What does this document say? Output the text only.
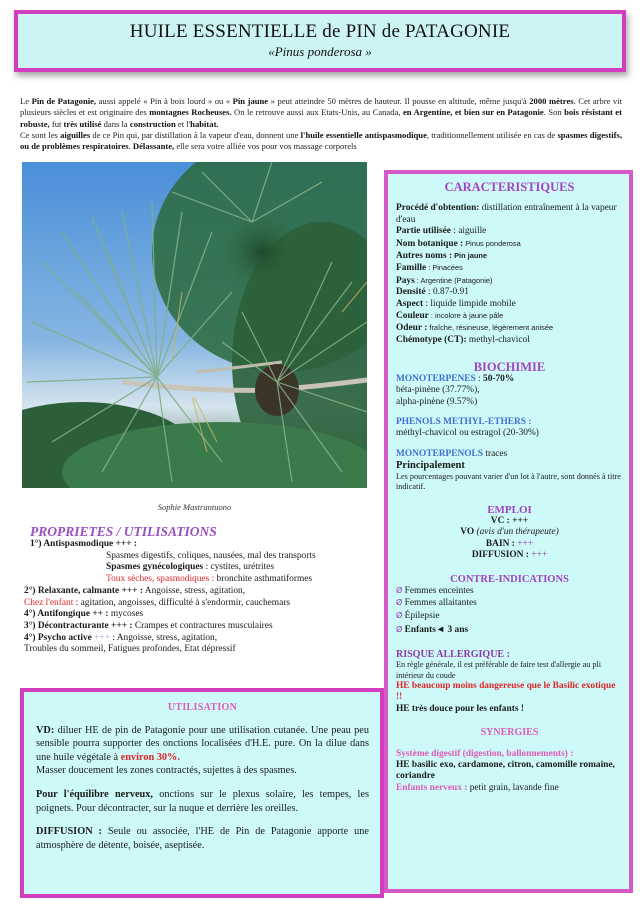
HUILE ESSENTIELLE de PIN de PATAGONIE
«Pinus ponderosa »
Le Pin de Patagonie, aussi appelé « Pin à bois lourd » ou « Pin jaune » peut atteindre 50 mètres de hauteur. Il pousse en altitude, même jusqu'à 2000 mètres. Cet arbre vit plusieurs siècles et est originaire des montagnes Rocheuses. On le retrouve aussi aux Etats-Unis, au Canada, en Argentine, et bien sur en Patagonie. Son bois résistant et robuste, fut très utilisé dans la construction et l'habitat.
Ce sont les aiguilles de ce Pin qui, par distillation à la vapeur d'eau, donnent une l'huile essentielle antispasmodique, traditionnellement utilisée en cas de spasmes digestifs, ou de problèmes respiratoires. Délassante, elle sera votre alliée vos pour vos massage corporels
Sophie Mastrantuono
PROPRIETES / UTILISATIONS
1°) Antispasmodique +++ :
Spasmes digestifs, coliques, nausées, mal des transports
Spasmes gynécologiques : cystites, urétrites
Toux sèches, spasmodiques : bronchite asthmatiformes
2°) Relaxante, calmante +++ : Angoisse, stress, agitation,
Chez l'enfant : agitation, angoisses, difficulté à s'endormir, cauchemars
4°) Antifongique ++ : mycoses
3°) Décontracturante +++ : Crampes et contractures musculaires
4°) Psycho active +++ : Angoisse, stress, agitation,
Troubles du sommeil, Fatigues profondes, Etat dépressif
UTILISATION

VD: diluer HE de pin de Patagonie pour une utilisation cutanée. Une peau peu sensible pourra supporter des onctions localisées d'H.E. pure. On la dilue dans une huile végétale à environ 30%.

Masser doucement les zones contractés, sujettes à des spasmes.

Pour l'équilibre nerveux, onctions sur le plexus solaire, les tempes, les poignets. Pour décontracter, sur la nuque et derrière les oreilles.

DIFFUSION : Seule ou associée, l'HE de Pin de Patagonie apporte une atmosphère de détente, boisée, aseptisée.

CARACTERISTIQUES
Procédé d'obtention: distillation entraînement à la vapeur d'eau
Partie utilisée : aiguille
Nom botanique : Pinus ponderosa
Autres noms : Pin jaune
Famille : Pinacées
Pays : Argentine (Patagonie)
Densité : 0.87-0.91
Aspect : liquide limpide mobile
Couleur : incolore à jaune pâle
Odeur : fraîche, résineuse, légèrement anisée
Chémotype (CT): methyl-chavicol
BIOCHIMIE
MONOTERPENES : 50-70%
béta-pinène (37.77%),
alpha-pinène (9.57%)
PHENOLS METHYL-ETHERS :
méthyl-chavicol ou estragol (20-30%)
MONOTERPENOLS traces
Principalement
Les pourcentages pouvant varier d'un lot à l'autre, sont donnés à titre indicatif.
EMPLOI
VC : +++
VO (avis d'un thérapeute)
BAIN : +++
DIFFUSION : +++
CONTRE-INDICATIONS
Ø Femmes enceintes
Ø Femmes allaitantes
Ø Épilepsie
Ø Enfants◄ 3 ans
RISQUE ALLERGIQUE :
En règle générale, il est préférable de faire test d'allergie au pli intérieur du coude
HE beaucoup moins dangereuse que le Basilic exotique !!
HE très douce pour les enfants !
SYNERGIES
Système digestif (digestion, ballonnements) :
HE basilic exo, cardamone, citron, camomille romaine, coriandre
Enfants nerveux : petit grain, lavande fine
